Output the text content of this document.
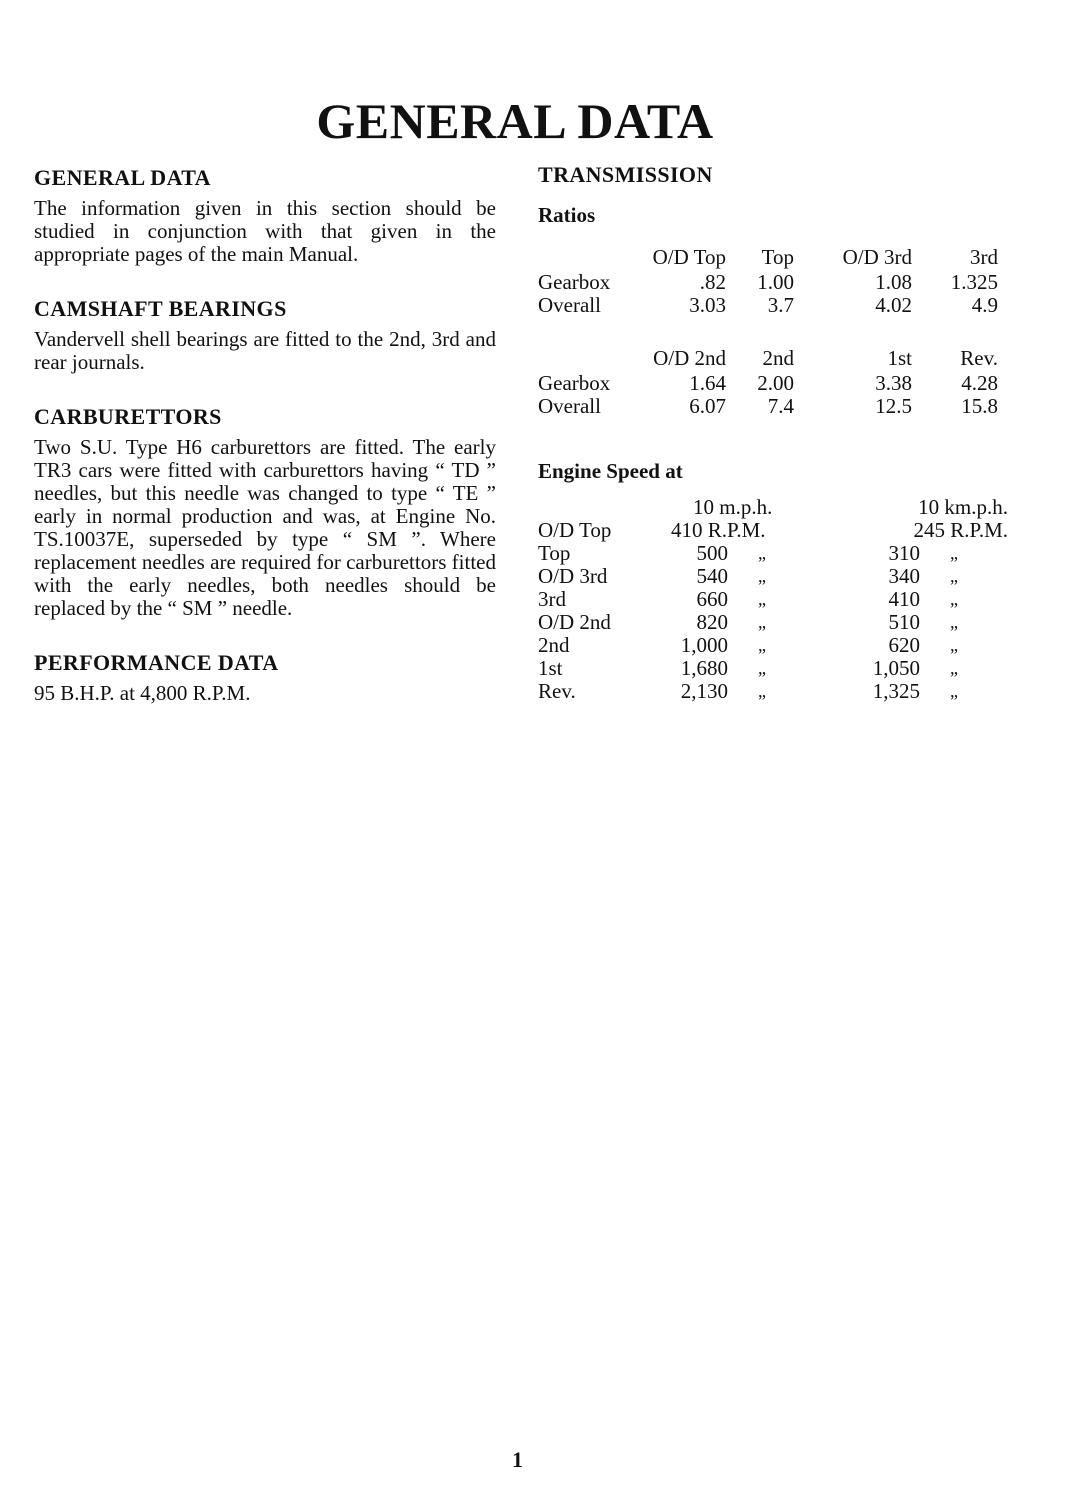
GENERAL DATA
GENERAL DATA

The information given in this section should be studied in conjunction with that given in the appropriate pages of the main Manual.

CAMSHAFT BEARINGS

Vandervell shell bearings are fitted to the 2nd, 3rd and rear journals.

CARBURETTORS

Two S.U. Type H6 carburettors are fitted. The early TR3 cars were fitted with carburettors having “ TD ” needles, but this needle was changed to type “ TE ” early in normal production and was, at Engine No. TS.10037E, superseded by type “ SM ”. Where replacement needles are required for carburettors fitted with the early needles, both needles should be replaced by the “ SM ” needle.

PERFORMANCE DATA

95 B.H.P. at 4,800 R.P.M.

TRANSMISSION
Ratios
	O/D Top	Top	O/D 3rd	3rd
Gearbox	.82	1.00	1.08	1.325
Overall	3.03	3.7	4.02	4.9
	O/D 2nd	2nd	1st	Rev.
Gearbox	1.64	2.00	3.38	4.28
Overall	6.07	7.4	12.5	15.8
Engine Speed at
	10 m.p.h.		10 km.p.h.	
O/D Top	410 R.P.M.		245 R.P.M.	
Top	500	„	310	„
O/D 3rd	540	„	340	„
3rd	660	„	410	„
O/D 2nd	820	„	510	„
2nd	1,000	„	620	„
1st	1,680	„	1,050	„
Rev.	2,130	„	1,325	„
1
